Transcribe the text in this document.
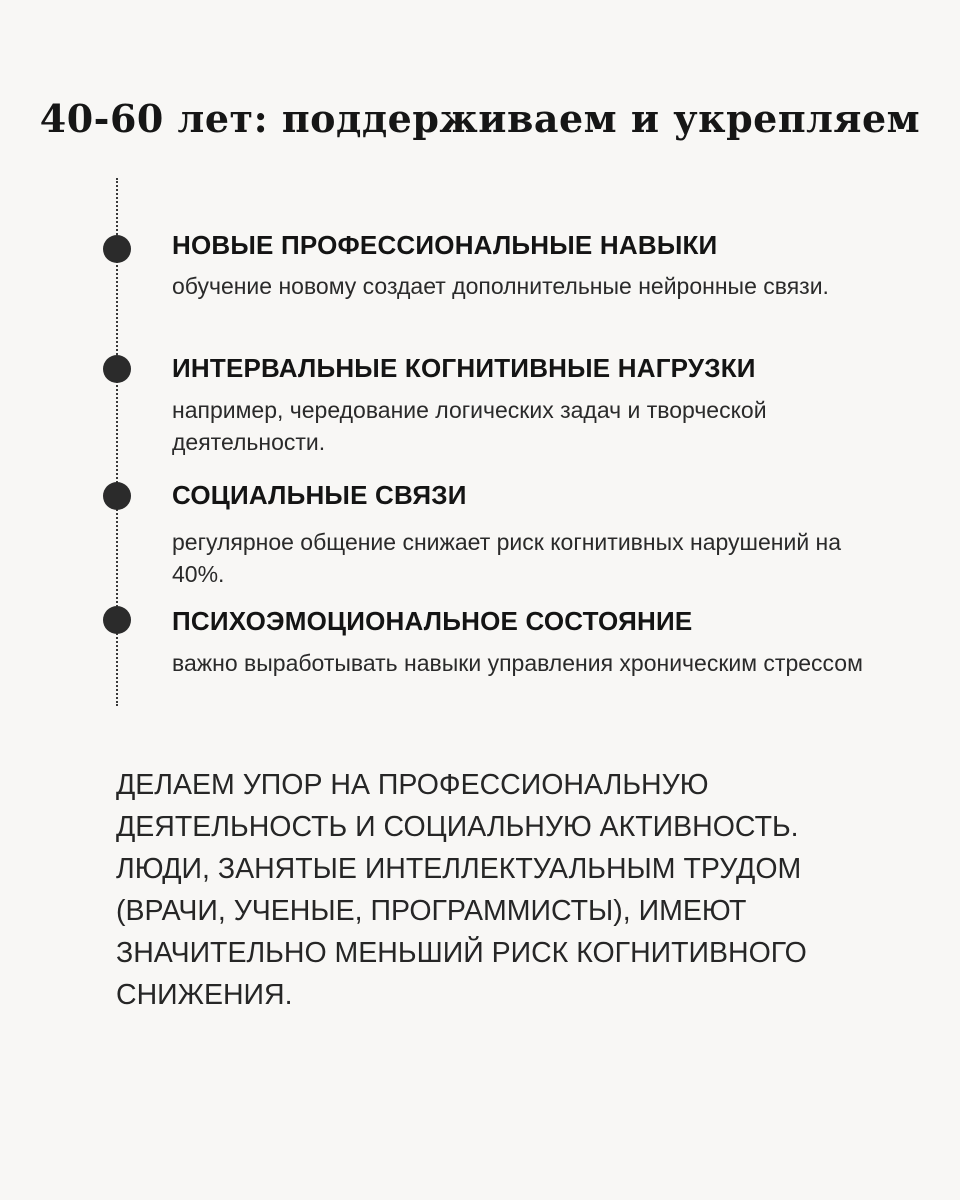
40-60 лет: поддерживаем и укрепляем
НОВЫЕ ПРОФЕССИОНАЛЬНЫЕ НАВЫКИ

обучение новому создает дополнительные нейронные связи.

ИНТЕРВАЛЬНЫЕ КОГНИТИВНЫЕ НАГРУЗКИ

например, чередование логических задач и творческой деятельности.

СОЦИАЛЬНЫЕ СВЯЗИ

регулярное общение снижает риск когнитивных нарушений на 40%.

ПСИХОЭМОЦИОНАЛЬНОЕ СОСТОЯНИЕ

важно выработывать навыки управления хроническим стрессом

ДЕЛАЕМ УПОР НА ПРОФЕССИОНАЛЬНУЮ ДЕЯТЕЛЬНОСТЬ И СОЦИАЛЬНУЮ АКТИВНОСТЬ. ЛЮДИ, ЗАНЯТЫЕ ИНТЕЛЛЕКТУАЛЬНЫМ ТРУДОМ (ВРАЧИ, УЧЕНЫЕ, ПРОГРАММИСТЫ), ИМЕЮТ ЗНАЧИТЕЛЬНО МЕНЬШИЙ РИСК КОГНИТИВНОГО СНИЖЕНИЯ.
